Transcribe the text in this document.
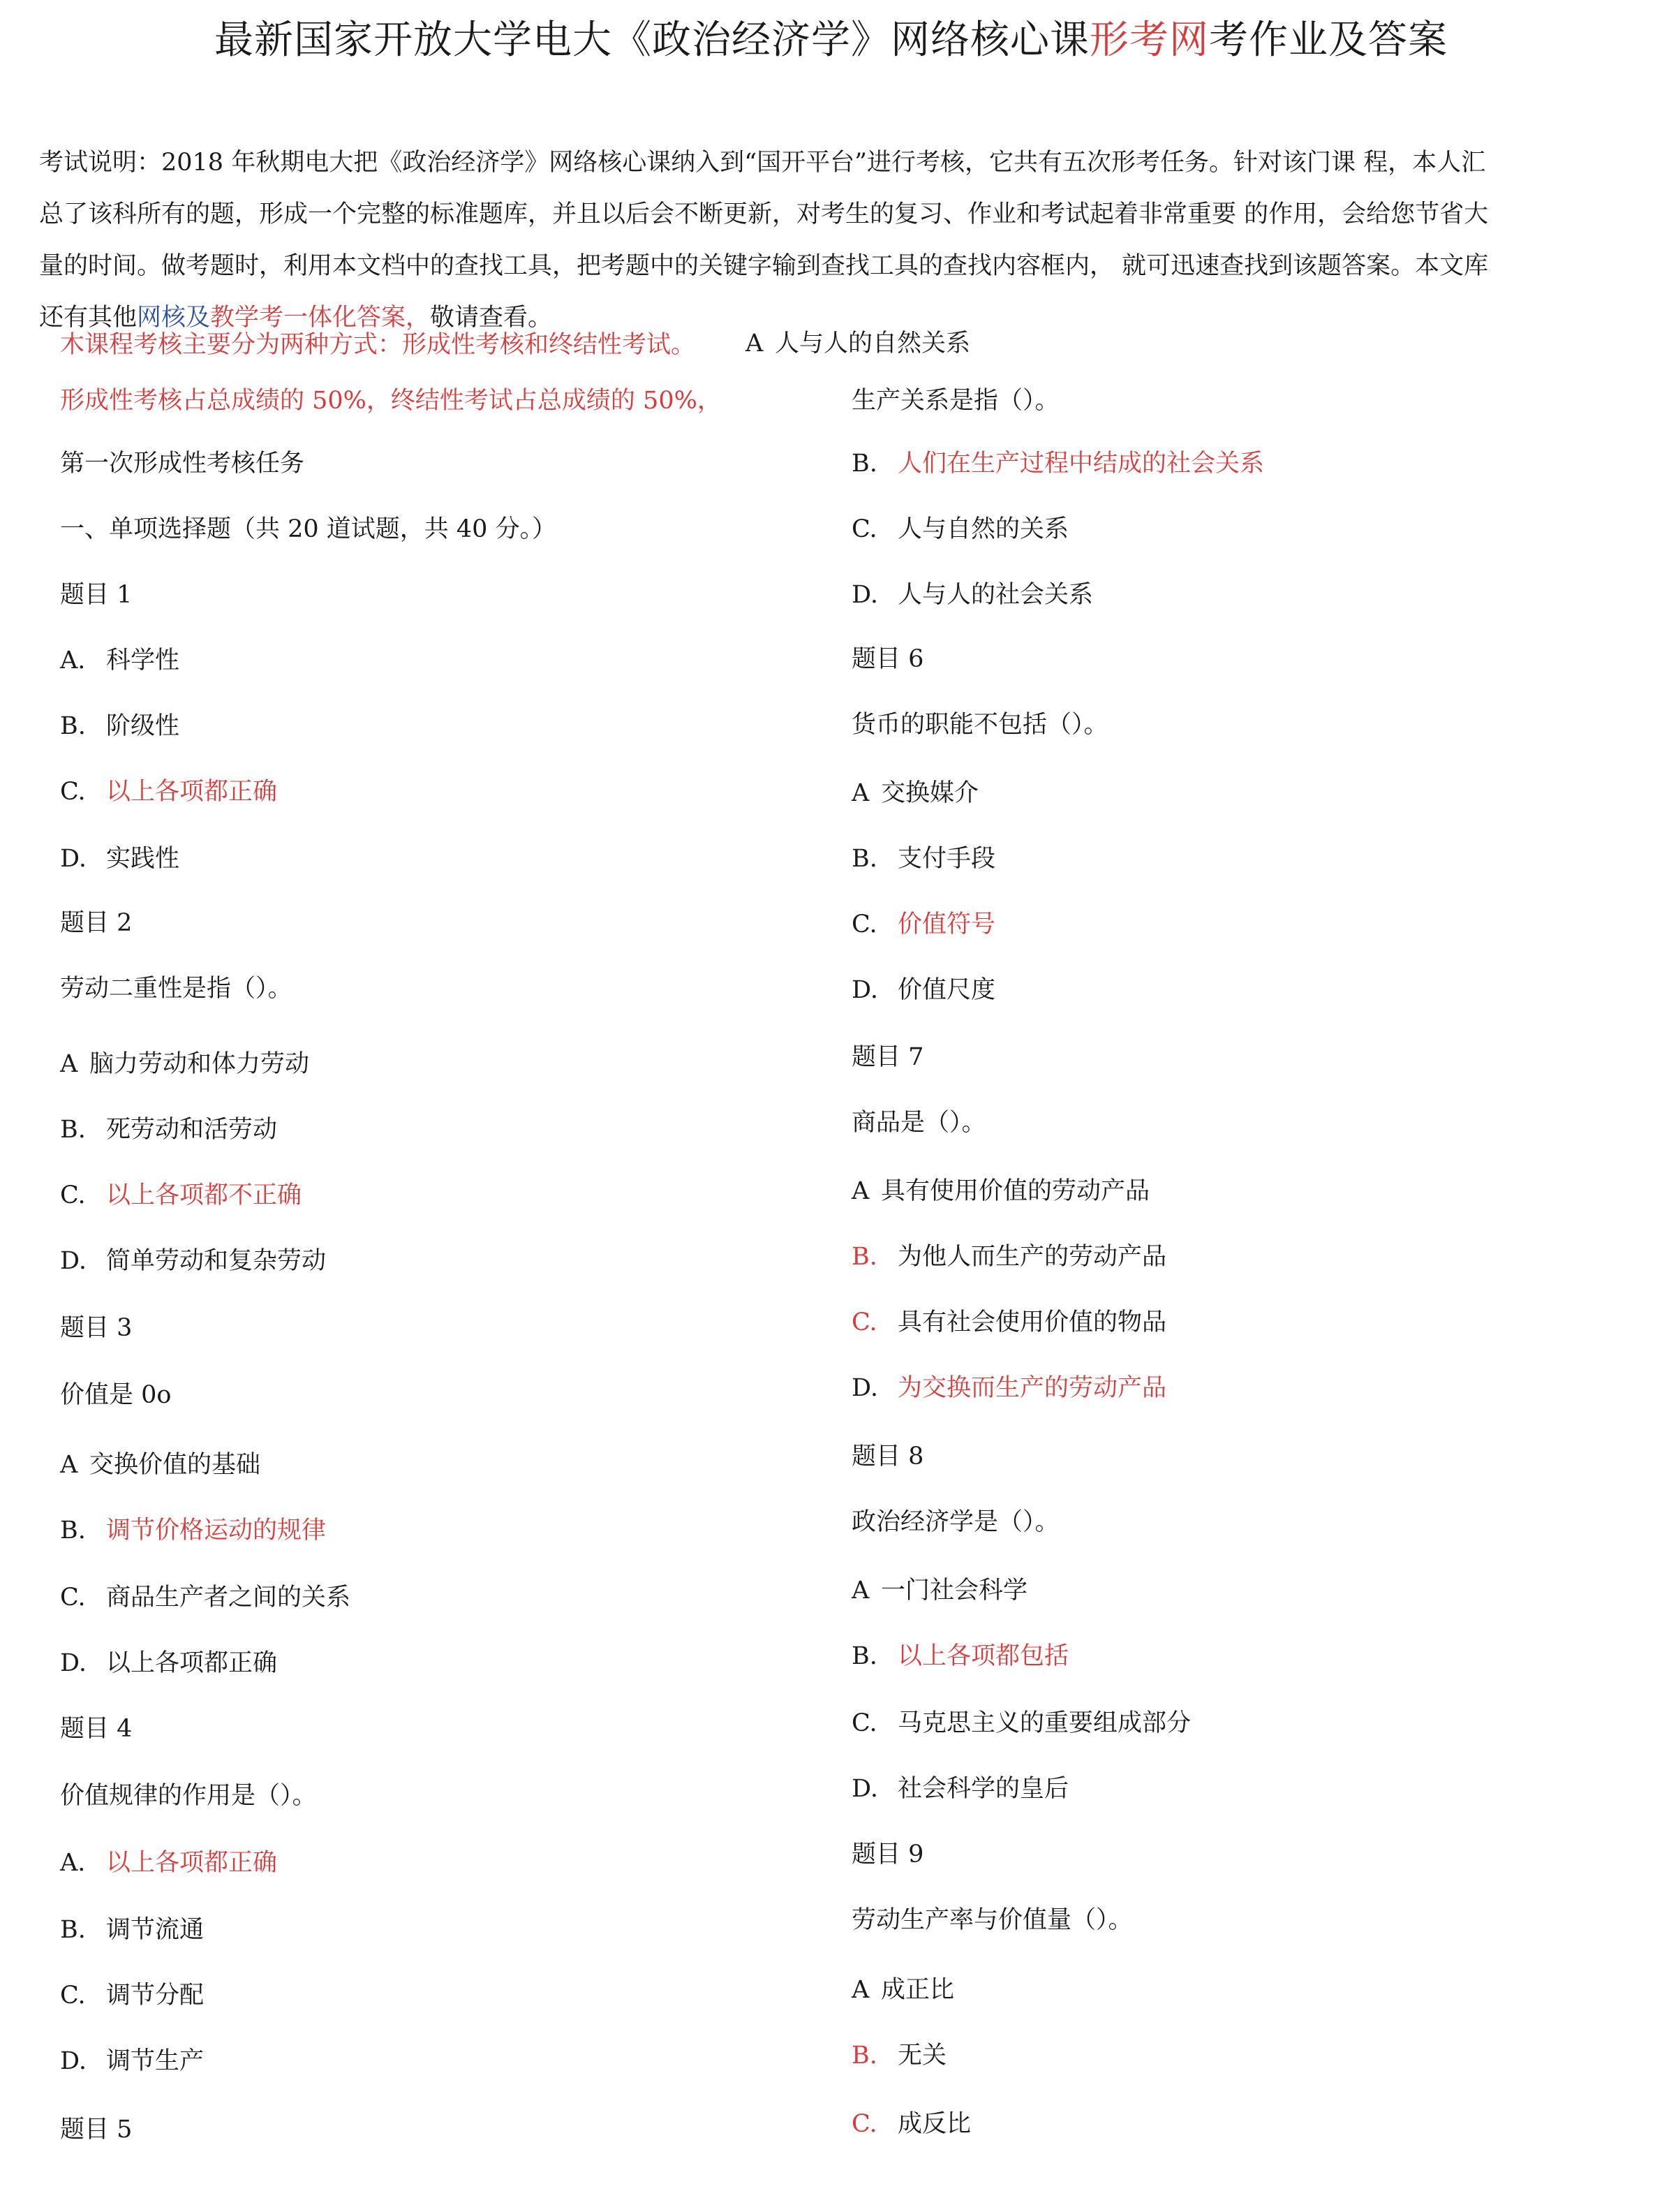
最新国家开放大学电大《政治经济学》网络核心课形考网考作业及答案
考试说明：2018 年秋期电大把《政治经济学》网络核心课纳入到“国开平台”进行考核，它共有五次形考任务。针对该门课 程，本人汇
总了该科所有的题，形成一个完整的标准题库，并且以后会不断更新，对考生的复习、作业和考试起着非常重要 的作用，会给您节省大
量的时间。做考题时，利用本文档中的查找工具，把考题中的关键字输到查找工具的查找内容框内， 就可迅速查找到该题答案。本文库
还有其他网核及教学考一体化答案，敬请查看。
木课程考核主要分为两种方式：形成性考核和终结性考试。
形成性考核占总成绩的 50%，终结性考试占总成绩的 50%，
第一次形成性考核任务
一、单项选择题（共 20 道试题，共 40 分。）
题目 1
A. 科学性
B. 阶级性
C. 以上各项都正确
D. 实践性
题目 2
劳动二重性是指（）。
A 脑力劳动和体力劳动
B. 死劳动和活劳动
C. 以上各项都不正确
D. 简单劳动和复杂劳动
题目 3
价值是 0o
A 交换价值的基础
B. 调节价格运动的规律
C. 商品生产者之间的关系
D. 以上各项都正确
题目 4
价值规律的作用是（）。
A. 以上各项都正确
B. 调节流通
C. 调节分配
D. 调节生产
题目 5
A 人与人的自然关系
生产关系是指（）。
B. 人们在生产过程中结成的社会关系
C. 人与自然的关系
D. 人与人的社会关系
题目 6
货币的职能不包括（）。
A 交换媒介
B. 支付手段
C. 价值符号
D. 价值尺度
题目 7
商品是（）。
A 具有使用价值的劳动产品
B. 为他人而生产的劳动产品
C. 具有社会使用价值的物品
D. 为交换而生产的劳动产品
题目 8
政治经济学是（）。
A 一门社会科学
B. 以上各项都包括
C. 马克思主义的重要组成部分
D. 社会科学的皇后
题目 9
劳动生产率与价值量（）。
A 成正比
B. 无关
C. 成反比
